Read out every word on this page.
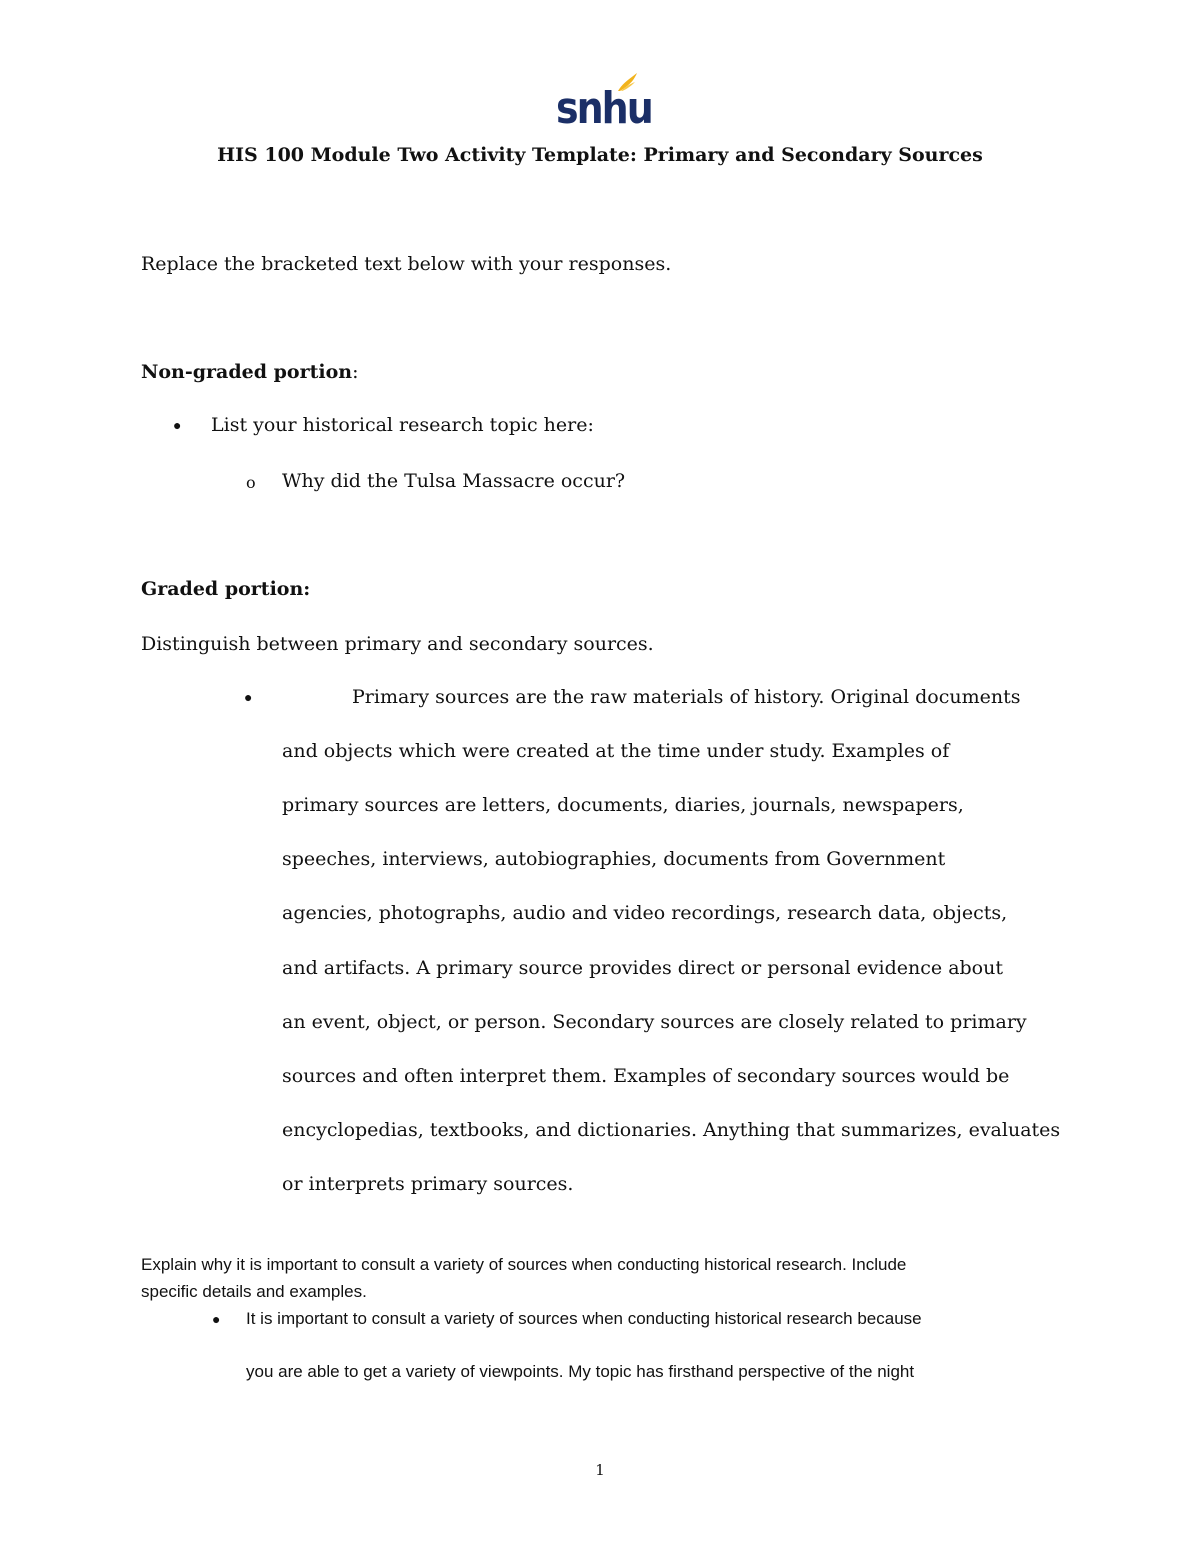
snhu
HIS 100 Module Two Activity Template: Primary and Secondary Sources
Replace the bracketed text below with your responses.
Non-graded portion:
● List your historical research topic here:
o Why did the Tulsa Massacre occur?
Graded portion:
Distinguish between primary and secondary sources.
●	Primary sources are the raw materials of history. Original documents
and objects which were created at the time under study. Examples of
primary sources are letters, documents, diaries, journals, newspapers,
speeches, interviews, autobiographies, documents from Government
agencies, photographs, audio and video recordings, research data, objects,
and artifacts. A primary source provides direct or personal evidence about
an event, object, or person. Secondary sources are closely related to primary
sources and often interpret them. Examples of secondary sources would be
encyclopedias, textbooks, and dictionaries. Anything that summarizes, evaluates
or interprets primary sources.
Explain why it is important to consult a variety of sources when conducting historical research. Include
specific details and examples.
● It is important to consult a variety of sources when conducting historical research because
you are able to get a variety of viewpoints. My topic has firsthand perspective of the night
1
